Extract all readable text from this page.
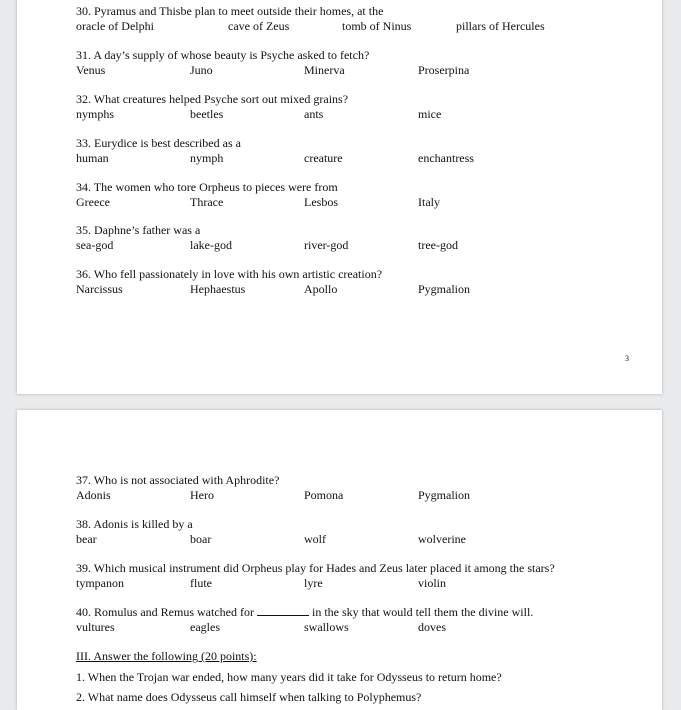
30. Pyramus and Thisbe plan to meet outside their homes, at the
oracle of Delphi	cave of Zeus	tomb of Ninus	pillars of Hercules
31. A day’s supply of whose beauty is Psyche asked to fetch?
Venus	Juno	Minerva	Proserpina
32. What creatures helped Psyche sort out mixed grains?
nymphs	beetles	ants	mice
33. Eurydice is best described as a
human	nymph	creature	enchantress
34. The women who tore Orpheus to pieces were from
Greece	Thrace	Lesbos	Italy
35. Daphne’s father was a
sea-god	lake-god	river-god	tree-god
36. Who fell passionately in love with his own artistic creation?
Narcissus	Hephaestus	Apollo	Pygmalion
3
37. Who is not associated with Aphrodite?
Adonis	Hero	Pomona	Pygmalion
38. Adonis is killed by a
bear	boar	wolf	wolverine
39. Which musical instrument did Orpheus play for Hades and Zeus later placed it among the stars?
tympanon	flute	lyre	violin
40. Romulus and Remus watched for	in the sky that would tell them the divine will.
vultures	eagles	swallows	doves
III. Answer the following (20 points):
1. When the Trojan war ended, how many years did it take for Odysseus to return home?
2. What name does Odysseus call himself when talking to Polyphemus?
